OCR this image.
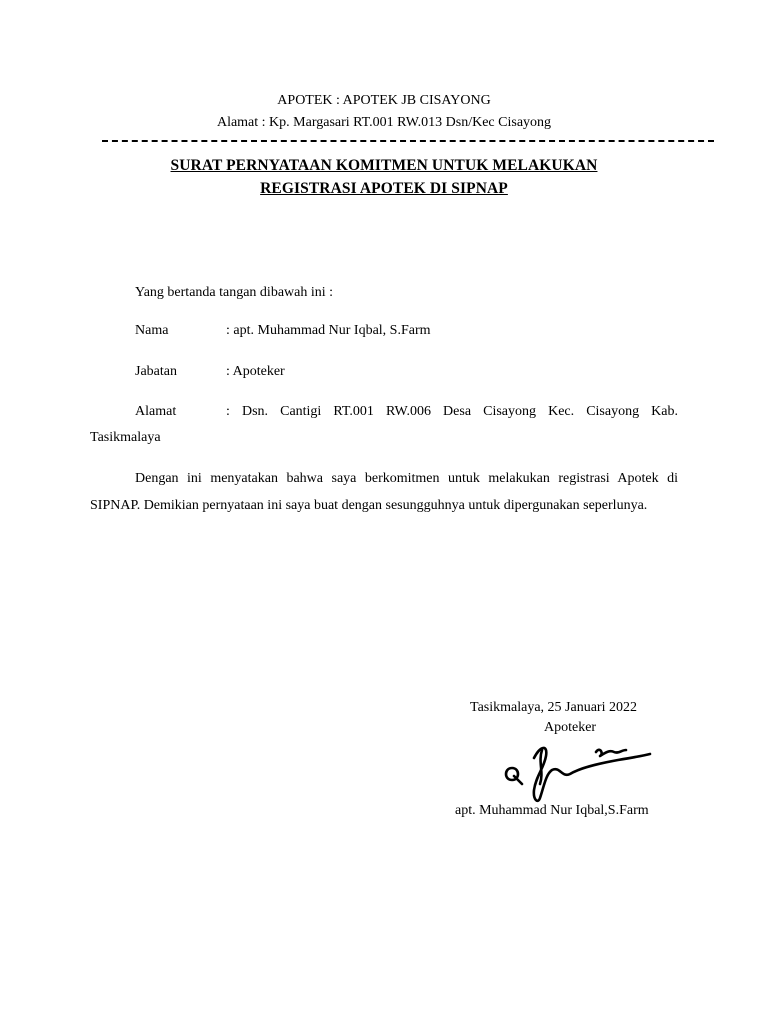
APOTEK : APOTEK JB CISAYONG
Alamat : Kp. Margasari RT.001 RW.013 Dsn/Kec Cisayong
SURAT PERNYATAAN KOMITMEN UNTUK MELAKUKAN
REGISTRASI APOTEK DI SIPNAP
Yang bertanda tangan dibawah ini :
Nama	: apt. Muhammad Nur Iqbal, S.Farm
Jabatan	: Apoteker
Alamat	: Dsn. Cantigi RT.001 RW.006 Desa Cisayong Kec. Cisayong Kab.
Tasikmalaya
Dengan ini menyatakan bahwa saya berkomitmen untuk melakukan registrasi Apotek di SIPNAP. Demikian pernyataan ini saya buat dengan sesungguhnya untuk dipergunakan seperlunya.
Tasikmalaya, 25 Januari 2022
Apoteker
apt. Muhammad Nur Iqbal,S.Farm
